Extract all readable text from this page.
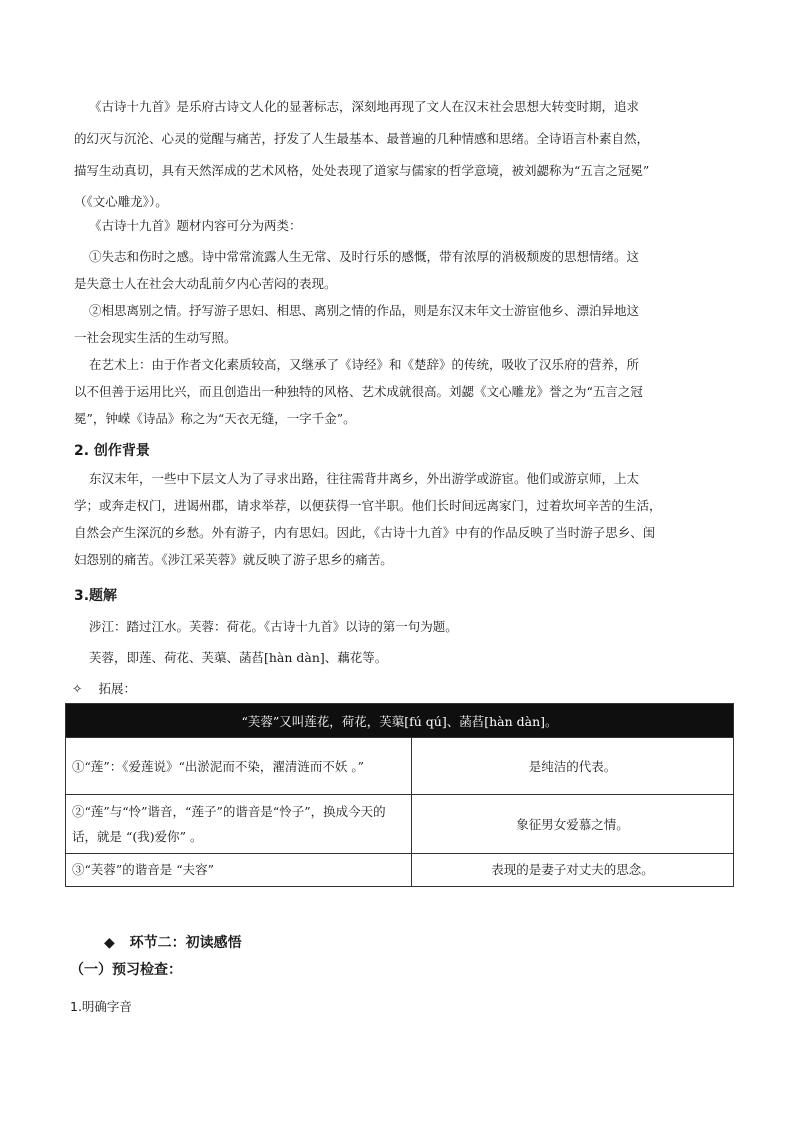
《古诗十九首》是乐府古诗文人化的显著标志，深刻地再现了文人在汉末社会思想大转变时期，追求
的幻灭与沉沦、心灵的觉醒与痛苦，抒发了人生最基本、最普遍的几种情感和思绪。全诗语言朴素自然，
描写生动真切，具有天然浑成的艺术风格，处处表现了道家与儒家的哲学意境，被刘勰称为“五言之冠冕”
（《文心雕龙》）。
《古诗十九首》题材内容可分为两类：
①失志和伤时之感。诗中常常流露人生无常、及时行乐的感慨，带有浓厚的消极颓废的思想情绪。这
是失意士人在社会大动乱前夕内心苦闷的表现。
②相思离别之情。抒写游子思妇、相思、离别之情的作品，则是东汉末年文士游宦他乡、漂泊异地这
一社会现实生活的生动写照。
在艺术上：由于作者文化素质较高，又继承了《诗经》和《楚辞》的传统，吸收了汉乐府的营养，所
以不但善于运用比兴，而且创造出一种独特的风格、艺术成就很高。刘勰《文心雕龙》誉之为“五言之冠
冕”，钟嵘《诗品》称之为“天衣无缝，一字千金”。
2. 创作背景
东汉末年，一些中下层文人为了寻求出路，往往需背井离乡，外出游学或游宦。他们或游京师，上太
学；或奔走权门，进谒州郡，请求举荐，以便获得一官半职。他们长时间远离家门，过着坎坷辛苦的生活，
自然会产生深沉的乡愁。外有游子，内有思妇。因此，《古诗十九首》中有的作品反映了当时游子思乡、闺
妇怨别的痛苦。《涉江采芙蓉》就反映了游子思乡的痛苦。
3.题解
涉江：踏过江水。芙蓉：荷花。《古诗十九首》以诗的第一句为题。
芙蓉，即莲、荷花、芙蕖、菡萏[hàn dàn]、藕花等。
✧ 拓展：
“芙蓉”又叫莲花，荷花，芙蕖[fú qú]、菡萏[hàn dàn]。	
①“莲”：《爱莲说》“出淤泥而不染，濯清涟而不妖 。”	是纯洁的代表。
②“莲”与“怜”谐音，“莲子”的谐音是“怜子”，换成今天的话，就是 “(我)爱你” 。	象征男女爱慕之情。
③“芙蓉”的谐音是 “夫容”	表现的是妻子对丈夫的思念。
◆ 环节二：初读感悟
（一）预习检查：
1.明确字音
